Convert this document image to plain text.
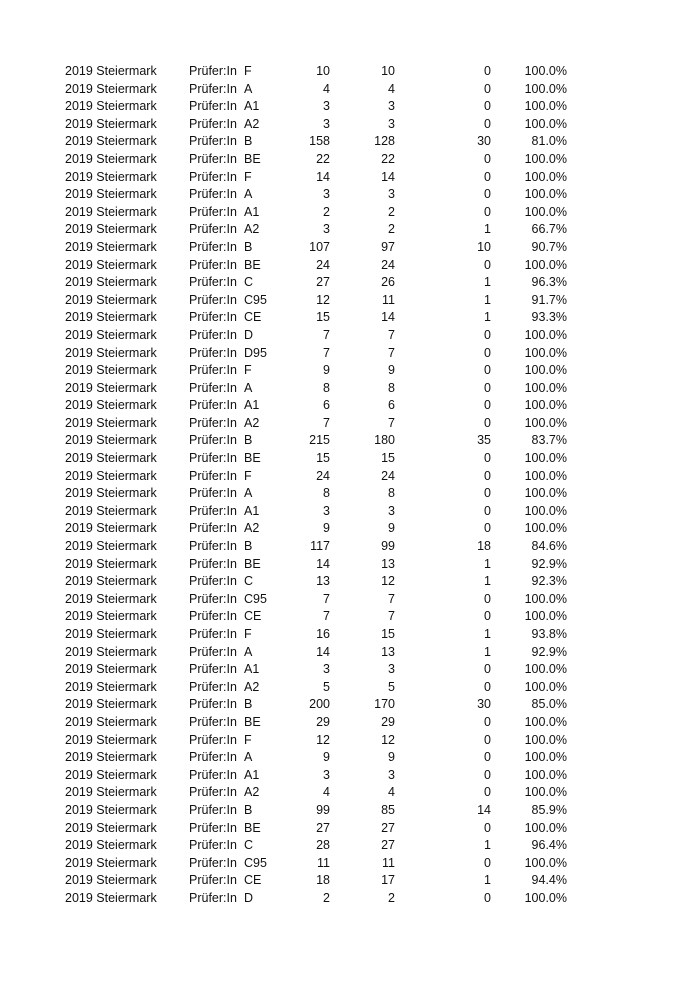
2019 Steiermark	Prüfer:In F	10	10	0	100.0%
2019 Steiermark	Prüfer:In A	4	4	0	100.0%
2019 Steiermark	Prüfer:In A1	3	3	0	100.0%
2019 Steiermark	Prüfer:In A2	3	3	0	100.0%
2019 Steiermark	Prüfer:In B	158	128	30	81.0%
2019 Steiermark	Prüfer:In BE	22	22	0	100.0%
2019 Steiermark	Prüfer:In F	14	14	0	100.0%
2019 Steiermark	Prüfer:In A	3	3	0	100.0%
2019 Steiermark	Prüfer:In A1	2	2	0	100.0%
2019 Steiermark	Prüfer:In A2	3	2	1	66.7%
2019 Steiermark	Prüfer:In B	107	97	10	90.7%
2019 Steiermark	Prüfer:In BE	24	24	0	100.0%
2019 Steiermark	Prüfer:In C	27	26	1	96.3%
2019 Steiermark	Prüfer:In C95	12	11	1	91.7%
2019 Steiermark	Prüfer:In CE	15	14	1	93.3%
2019 Steiermark	Prüfer:In D	7	7	0	100.0%
2019 Steiermark	Prüfer:In D95	7	7	0	100.0%
2019 Steiermark	Prüfer:In F	9	9	0	100.0%
2019 Steiermark	Prüfer:In A	8	8	0	100.0%
2019 Steiermark	Prüfer:In A1	6	6	0	100.0%
2019 Steiermark	Prüfer:In A2	7	7	0	100.0%
2019 Steiermark	Prüfer:In B	215	180	35	83.7%
2019 Steiermark	Prüfer:In BE	15	15	0	100.0%
2019 Steiermark	Prüfer:In F	24	24	0	100.0%
2019 Steiermark	Prüfer:In A	8	8	0	100.0%
2019 Steiermark	Prüfer:In A1	3	3	0	100.0%
2019 Steiermark	Prüfer:In A2	9	9	0	100.0%
2019 Steiermark	Prüfer:In B	117	99	18	84.6%
2019 Steiermark	Prüfer:In BE	14	13	1	92.9%
2019 Steiermark	Prüfer:In C	13	12	1	92.3%
2019 Steiermark	Prüfer:In C95	7	7	0	100.0%
2019 Steiermark	Prüfer:In CE	7	7	0	100.0%
2019 Steiermark	Prüfer:In F	16	15	1	93.8%
2019 Steiermark	Prüfer:In A	14	13	1	92.9%
2019 Steiermark	Prüfer:In A1	3	3	0	100.0%
2019 Steiermark	Prüfer:In A2	5	5	0	100.0%
2019 Steiermark	Prüfer:In B	200	170	30	85.0%
2019 Steiermark	Prüfer:In BE	29	29	0	100.0%
2019 Steiermark	Prüfer:In F	12	12	0	100.0%
2019 Steiermark	Prüfer:In A	9	9	0	100.0%
2019 Steiermark	Prüfer:In A1	3	3	0	100.0%
2019 Steiermark	Prüfer:In A2	4	4	0	100.0%
2019 Steiermark	Prüfer:In B	99	85	14	85.9%
2019 Steiermark	Prüfer:In BE	27	27	0	100.0%
2019 Steiermark	Prüfer:In C	28	27	1	96.4%
2019 Steiermark	Prüfer:In C95	11	11	0	100.0%
2019 Steiermark	Prüfer:In CE	18	17	1	94.4%
2019 Steiermark	Prüfer:In D	2	2	0	100.0%
